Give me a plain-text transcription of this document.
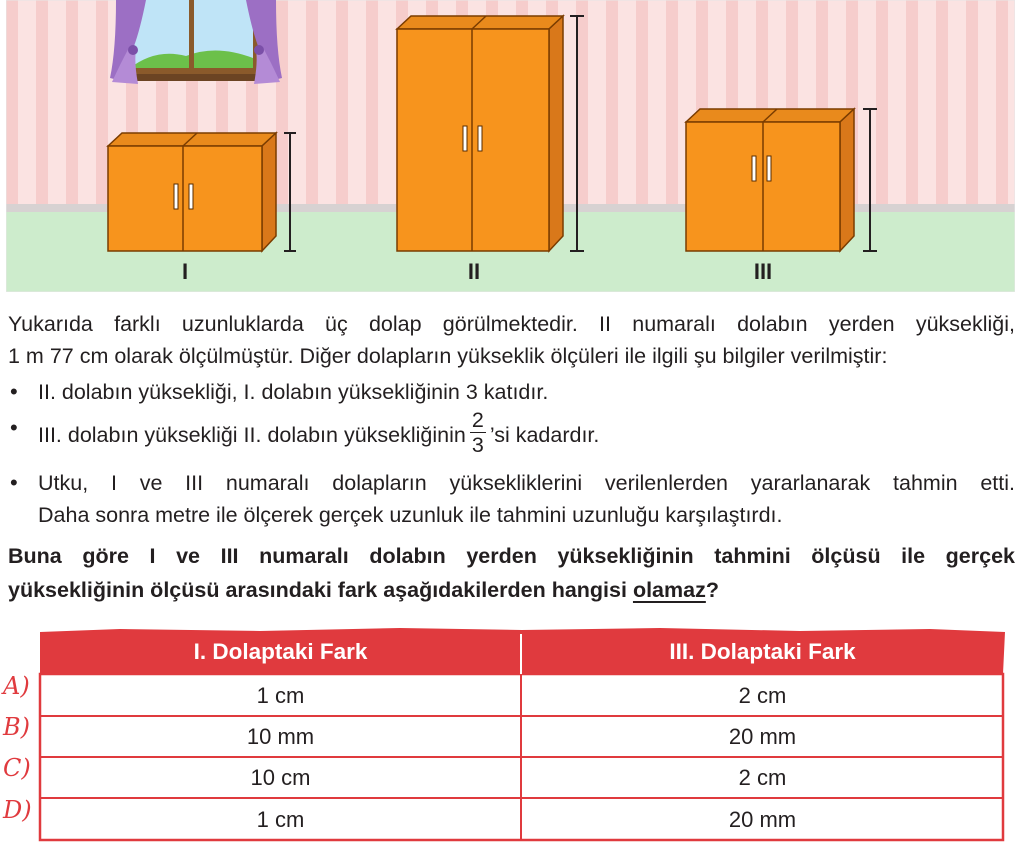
I	II	III

Yukarıda farklı uzunluklarda üç dolap görülmektedir. II numaralı dolabın yerden yüksekliği,

1 m 77 cm olarak ölçülmüştür. Diğer dolapların yükseklik ölçüleri ile ilgili şu bilgiler verilmiştir:

• II. dolabın yüksekliği, I. dolabın yüksekliğinin 3 katıdır.
• III. dolabın yüksekliği II. dolabın yüksekliğinin $\frac{2}{3}$ ’si kadardır.
• Utku, I ve III numaralı dolapların yüksekliklerini verilenlerden yararlanarak tahmin etti.
Daha sonra metre ile ölçerek gerçek uzunluk ile tahmini uzunluğu karşılaştırdı.
Buna göre I ve III numaralı dolabın yerden yüksekliğinin tahmini ölçüsü ile gerçek
yüksekliğinin ölçüsü arasındaki fark aşağıdakilerden hangisi olamaz?
I. Dolaptaki Fark	III. Dolaptaki Fark
A)	1 cm	2 cm
B)	10 mm	20 mm
C)	10 cm	2 cm
D)	1 cm	20 mm
